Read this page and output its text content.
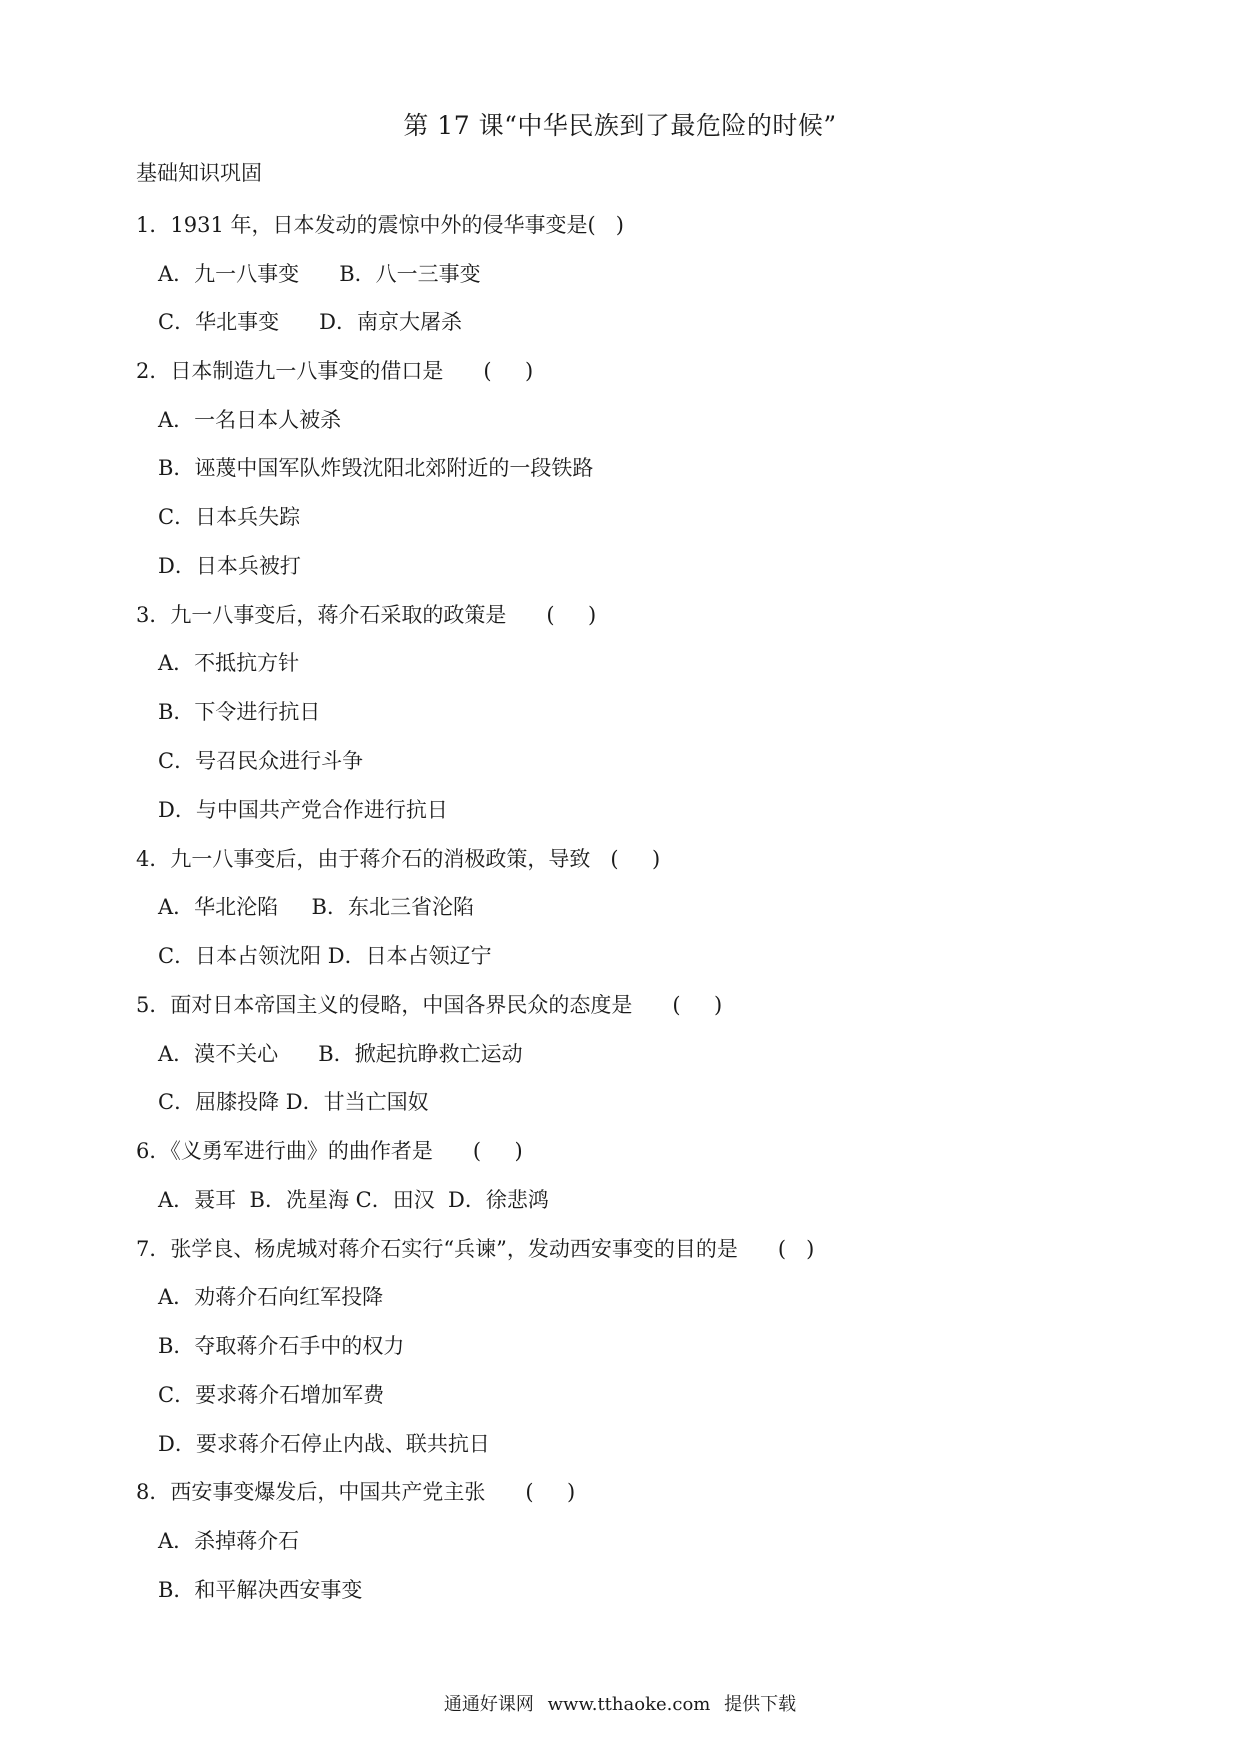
第 17 课“中华民族到了最危险的时候”
基础知识巩固
1．1931 年，日本发动的震惊中外的侵华事变是(   )
A．九一八事变      B．八一三事变
C．华北事变      D．南京大屠杀
2．日本制造九一八事变的借口是      (     )
A．一名日本人被杀
B．诬蔑中国军队炸毁沈阳北郊附近的一段铁路
C．日本兵失踪
D．日本兵被打
3．九一八事变后，蒋介石采取的政策是      (     )
A．不抵抗方针
B．下令进行抗日
C．号召民众进行斗争
D．与中国共产党合作进行抗日
4．九一八事变后，由于蒋介石的消极政策，导致   (     )
A．华北沦陷     B．东北三省沦陷
C．日本占领沈阳 D．日本占领辽宁
5．面对日本帝国主义的侵略，中国各界民众的态度是      (     )
A．漠不关心      B．掀起抗睁救亡运动
C．屈膝投降 D．甘当亡国奴
6．《义勇军进行曲》的曲作者是      (     )
A．聂耳  B．冼星海 C．田汉  D．徐悲鸿
7．张学良、杨虎城对蒋介石实行“兵谏”，发动西安事变的目的是      (   )
A．劝蒋介石向红军投降
B．夺取蒋介石手中的权力
C．要求蒋介石增加军费
D．要求蒋介石停止内战、联共抗日
8．西安事变爆发后，中国共产党主张      (     )
A．杀掉蒋介石
B．和平解决西安事变
通通好课网 www.tthaoke.com 提供下载
